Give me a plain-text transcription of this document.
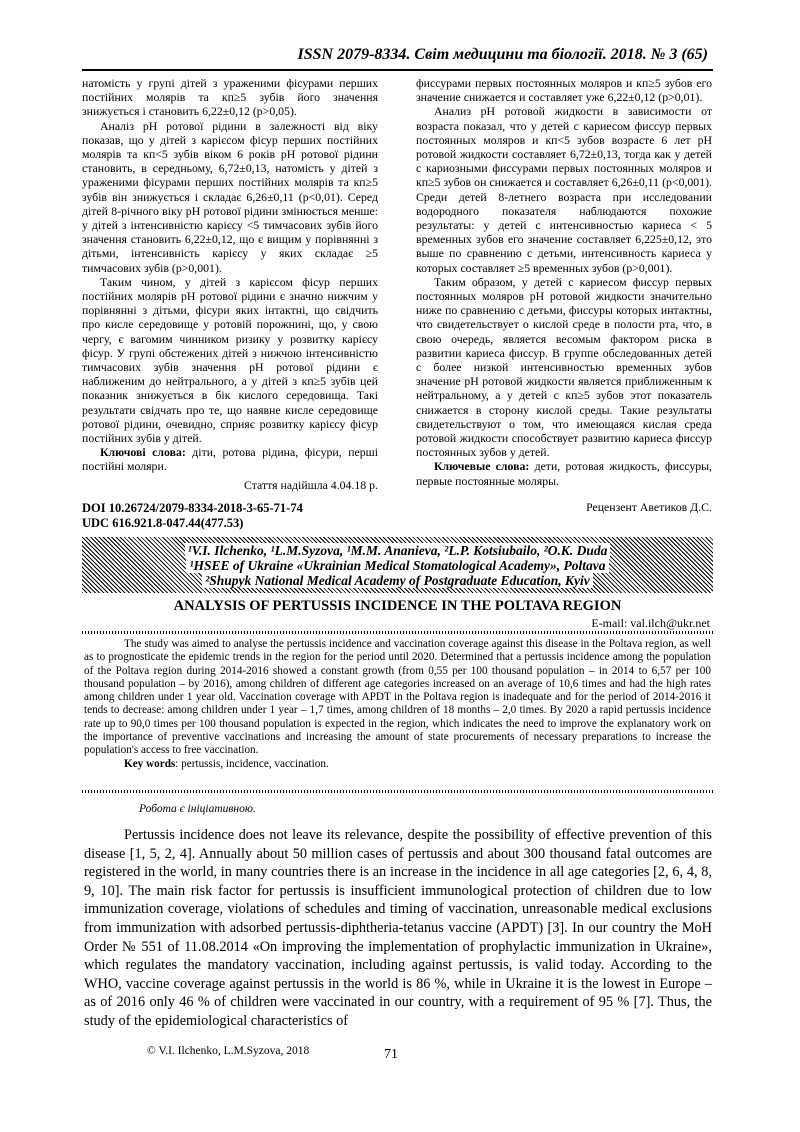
ISSN 2079-8334. Світ медицини та біології. 2018. № 3 (65)

натомість у групі дітей з ураженими фісурами перших постійних молярів та кп≥5 зубів його значення знижується і становить 6,22±0,12 (р>0,05).

Аналіз рН ротової рідини в залежності від віку показав, що у дітей з карієсом фісур перших постійних молярів та кп<5 зубів віком 6 років рН ротової рідини становить, в середньому, 6,72±0,13, натомість у дітей з ураженими фісурами перших постійних молярів та кп≥5 зубів він знижується і складає 6,26±0,11 (р<0,01). Серед дітей 8-річного віку рН ротової рідини змінюється менше: у дітей з інтенсивністю карієсу <5 тимчасових зубів його значення становить 6,22±0,12, що є вищим у порівнянні з дітьми, інтенсивність карієсу у яких складає ≥5 тимчасових зубів (р>0,001).

Таким чином, у дітей з карієсом фісур перших постійних молярів рН ротової рідини є значно нижчим у порівнянні з дітьми, фісури яких інтактні, що свідчить про кисле середовище у ротовій порожнині, що, у свою чергу, є вагомим чинником ризику у розвитку карієсу фісур. У групі обстежених дітей з нижчою інтенсивністю тимчасових зубів значення рН ротової рідини є наближеним до нейтрального, а у дітей з кп≥5 зубів цей показник знижується в бік кислого середовища. Такі результати свідчать про те, що наявне кисле середовище ротової рідини, очевидно, сприяє розвитку карієсу фісур постійних зубів у дітей.

Ключові слова: діти, ротова рідина, фісури, перші постійні моляри.

Стаття надійшла 4.04.18 р.

фиссурами первых постоянных моляров и кп≥5 зубов его значение снижается и составляет уже 6,22±0,12 (р>0,01).

Анализ рН ротовой жидкости в зависимости от возраста показал, что у детей с кариесом фиссур первых постоянных моляров и кп<5 зубов возрасте 6 лет рН ротовой жидкости составляет 6,72±0,13, тогда как у детей с кариозными фиссурами первых постоянных моляров и кп≥5 зубов он снижается и составляет 6,26±0,11 (р<0,001). Среди детей 8-летнего возраста при исследовании водородного показателя наблюдаются похожие результаты: у детей с интенсивностью кариеса < 5 временных зубов его значение составляет 6,225±0,12, это выше по сравнению с детьми, интенсивность кариеса у которых составляет ≥5 временных зубов (р>0,001).

Таким образом, у детей с кариесом фиссур первых постоянных моляров рН ротовой жидкости значительно ниже по сравнению с детьми, фиссуры которых интактны, что свидетельствует о кислой среде в полости рта, что, в свою очередь, является весомым фактором риска в развитии кариеса фиссур. В группе обследованных детей с более низкой интенсивностью временных зубов значение рН ротовой жидкости является приближенным к нейтральному, а у детей с кп≥5 зубов этот показатель снижается в сторону кислой среды. Такие результаты свидетельствуют о том, что имеющаяся кислая среда ротовой жидкости способствует развитию кариеса фиссур постоянных зубов у детей.

Ключевые слова: дети, ротовая жидкость, фиссуры, первые постоянные моляры.

Рецензент Аветиков Д.С.
DOI 10.26724/2079-8334-2018-3-65-71-74
UDC 616.921.8-047.44(477.53)
¹V.I. Ilchenko, ¹L.M.Syzova, ¹M.M. Ananieva, ²L.P. Kotsiubailo, ²O.K. Duda
¹HSEE of Ukraine «Ukrainian Medical Stomatological Academy», Poltava
²Shupyk National Medical Academy of Postgraduate Education, Kyiv
ANALYSIS OF PERTUSSIS INCIDENCE IN THE POLTAVA REGION
E-mail: val.ilch@ukr.net

The study was aimed to analyse the pertussis incidence and vaccination coverage against this disease in the Poltava region, as well as to prognosticate the epidemic trends in the region for the period until 2020. Determined that a pertussis incidence among the population of the Poltava region during 2014-2016 showed a constant growth (from 0,55 per 100 thousand population – in 2014 to 6,57 per 100 thousand population – by 2016), among children of different age categories increased on an average of 10,6 times and had the high rates among children under 1 year old. Vaccination coverage with APDT in the Poltava region is inadequate and for the period of 2014-2016 it tends to decrease: among children under 1 year – 1,7 times, among children of 18 months – 2,0 times. By 2020 a rapid pertussis incidence rate up to 90,0 times per 100 thousand population is expected in the region, which indicates the need to improve the explanatory work on the importance of preventive vaccinations and increasing the amount of state procurements of necessary preparations to increase the population's access to free vaccination.

Key words: pertussis, incidence, vaccination.

Робота є ініціативною.

Pertussis incidence does not leave its relevance, despite the possibility of effective prevention of this disease [1, 5, 2, 4]. Annually about 50 million cases of pertussis and about 300 thousand fatal outcomes are registered in the world, in many countries there is an increase in the incidence in all age categories [2, 6, 4, 8, 9, 10]. The main risk factor for pertussis is insufficient immunological protection of children due to low immunization coverage, violations of schedules and timing of vaccination, unreasonable medical exclusions from immunization with adsorbed pertussis-diphtheria-tetanus vaccine (APDT) [3]. In our country the MoH Order № 551 of 11.08.2014 «On improving the implementation of prophylactic immunization in Ukraine», which regulates the mandatory vaccination, including against pertussis, is valid today. According to the WHO, vaccine coverage against pertussis in the world is 86 %, while in Ukraine it is the lowest in Europe – as of 2016 only 46 % of children were vaccinated in our country, with a requirement of 95 % [7]. Thus, the study of the epidemiological characteristics of

© V.I. Ilchenko, L.M.Syzova, 2018	71
